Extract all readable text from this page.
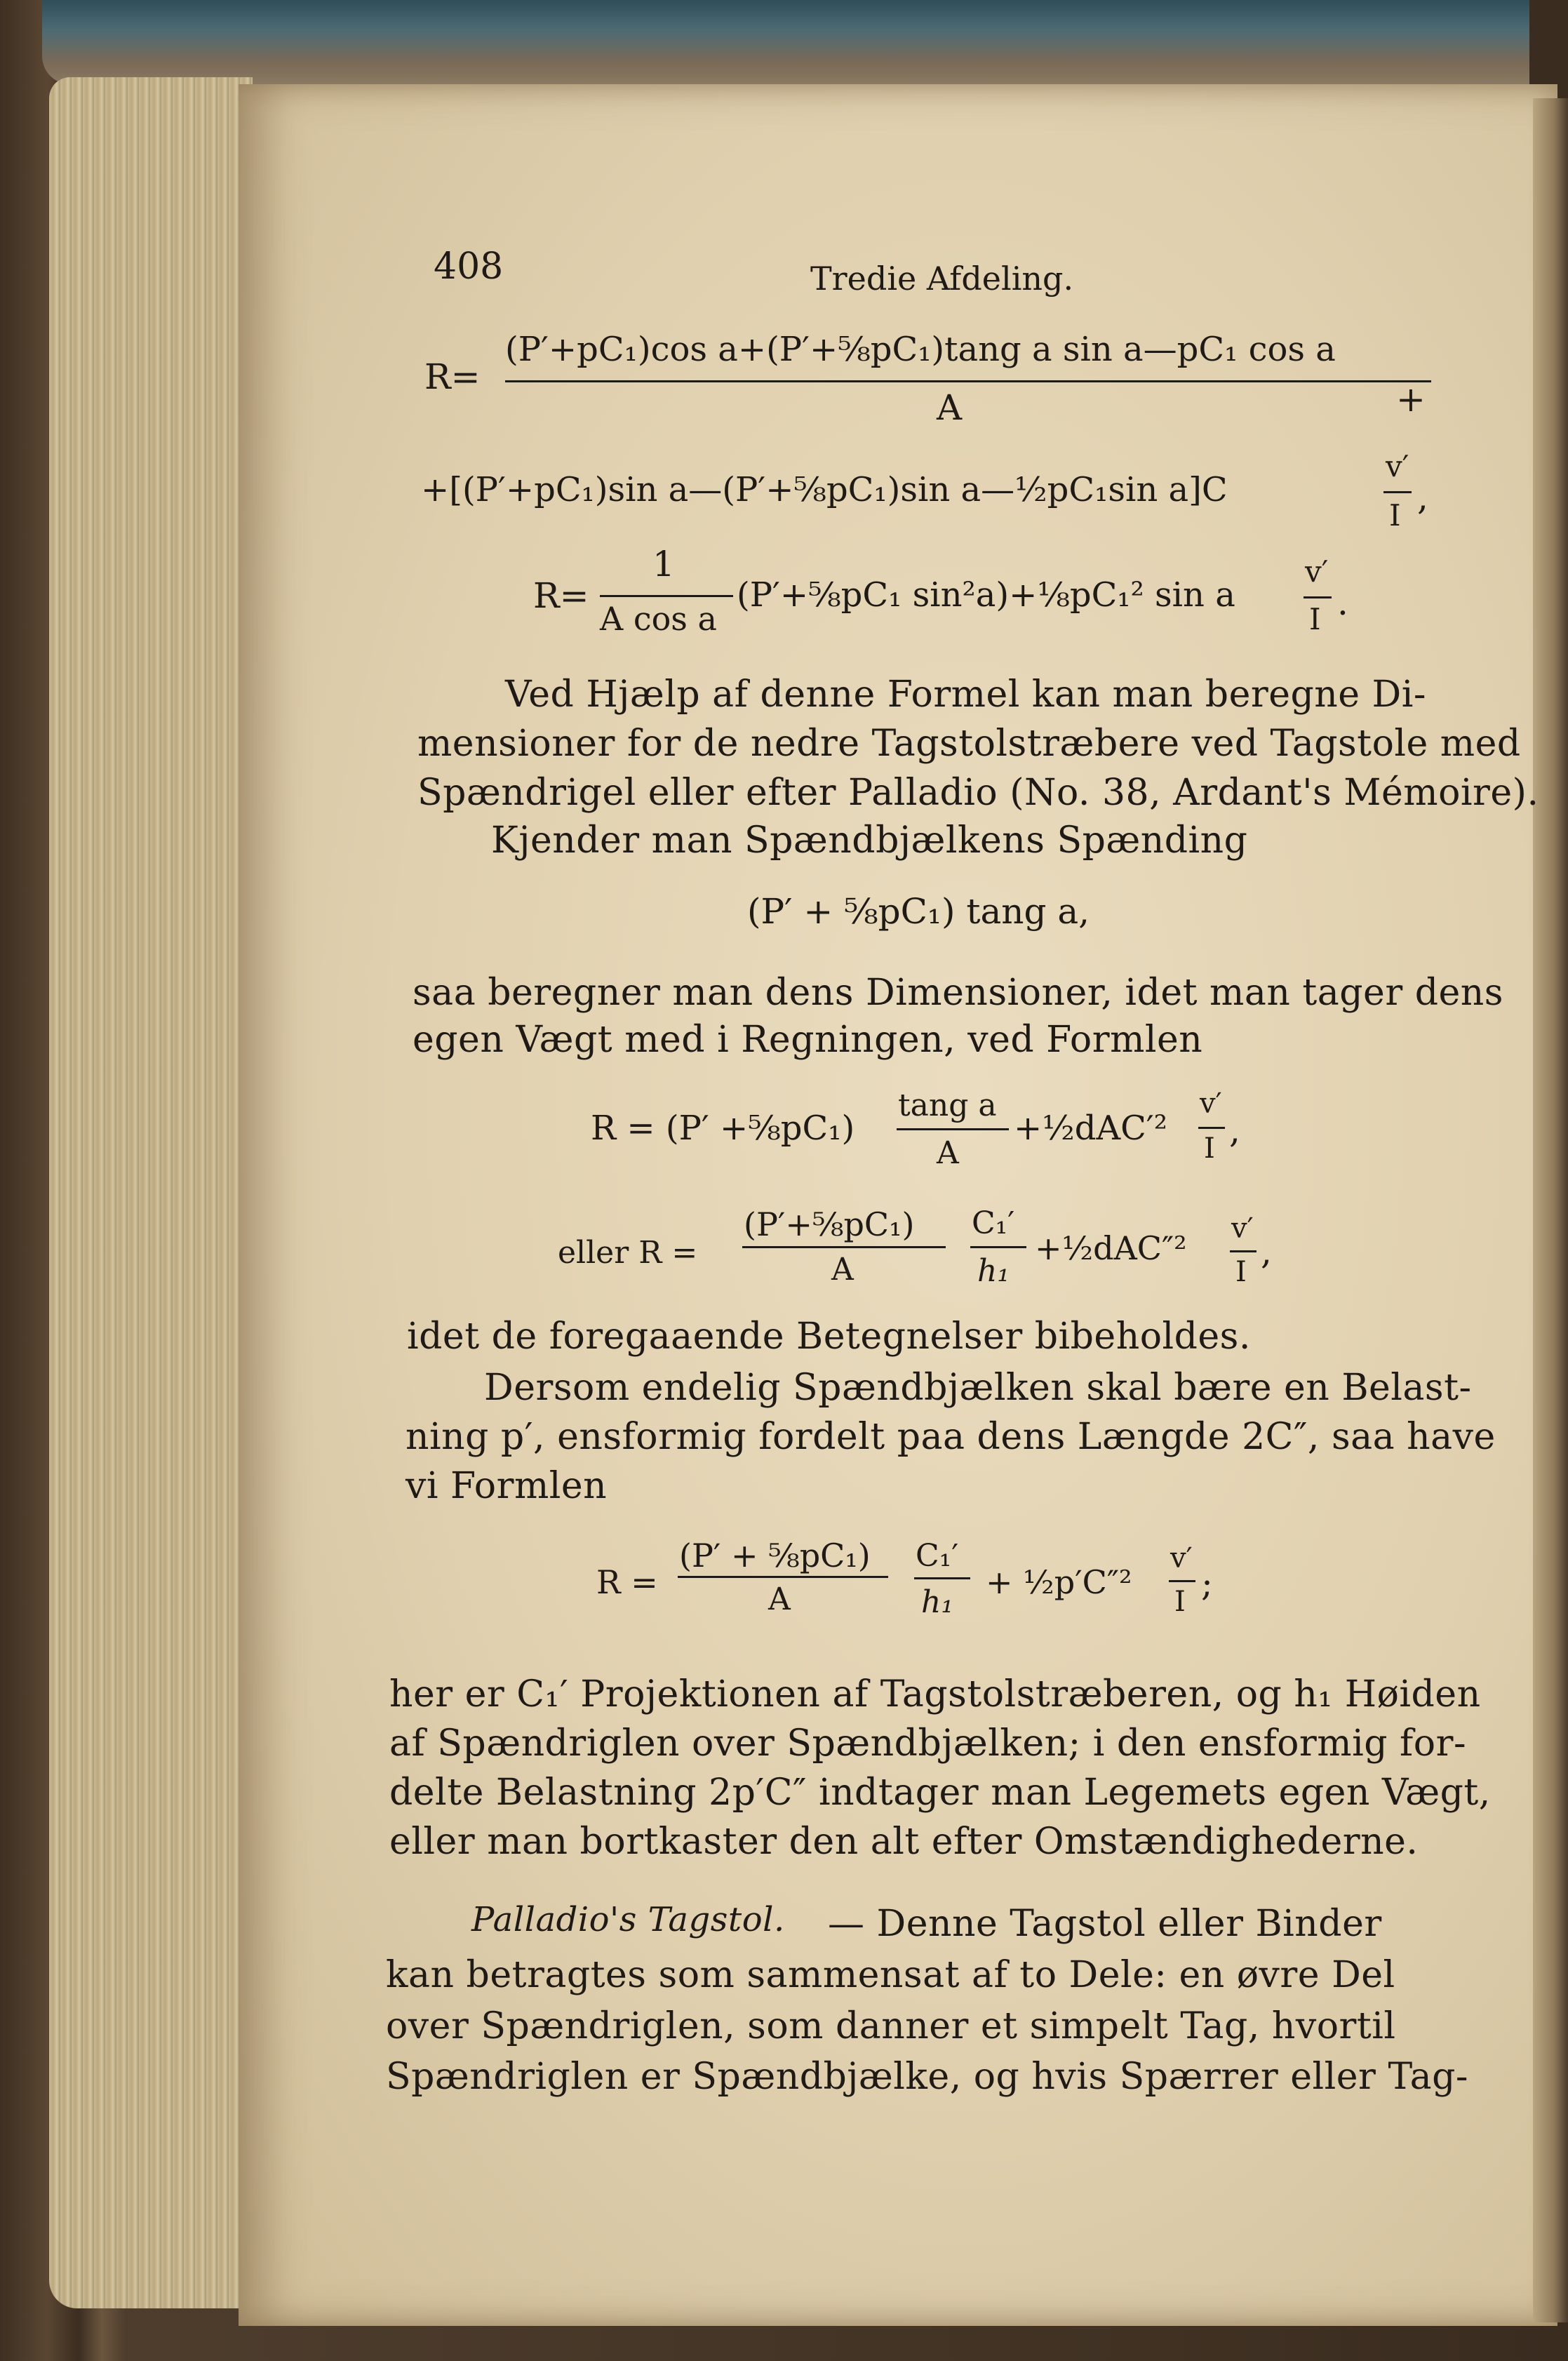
408	Tredie Afdeling.
R=
(P′+pC₁)cos a+(P′+⅝pC₁)tang a sin a—pC₁ cos a
A	+
+[(P′+pC₁)sin a—(P′+⅝pC₁)sin a—½pC₁sin a]C
v′
I ,
R=
1
A cos a
(P′+⅝pC₁ sin²a)+⅛pC₁² sin a
v′
I .
Ved Hjælp af denne Formel kan man beregne Di-
mensioner for de nedre Tagstolstræbere ved Tagstole med
Spændrigel eller efter Palladio (No. 38, Ardant's Mémoire).
Kjender man Spændbjælkens Spænding
(P′ + ⅝pC₁) tang a,
saa beregner man dens Dimensioner, idet man tager dens
egen Vægt med i Regningen, ved Formlen
R = (P′ +⅝pC₁)
tang a
A
+½dAC′²
v′
I ,
eller R =
(P′+⅝pC₁)
A
C₁′
h₁
+½dAC″²
v′
I ,
idet de foregaaende Betegnelser bibeholdes.
Dersom endelig Spændbjælken skal bære en Belast-
ning p′, ensformig fordelt paa dens Længde 2C″, saa have
vi Formlen
R =
(P′ + ⅝pC₁)
A
C₁′
h₁
+ ½p′C″²
v′
I ;
her er C₁′ Projektionen af Tagstolstræberen, og h₁ Høiden
af Spændriglen over Spændbjælken; i den ensformig for-
delte Belastning 2p′C″ indtager man Legemets egen Vægt,
eller man bortkaster den alt efter Omstændighederne.
Palladio's Tagstol. — Denne Tagstol eller Binder
kan betragtes som sammensat af to Dele: en øvre Del
over Spændriglen, som danner et simpelt Tag, hvortil
Spændriglen er Spændbjælke, og hvis Spærrer eller Tag-
